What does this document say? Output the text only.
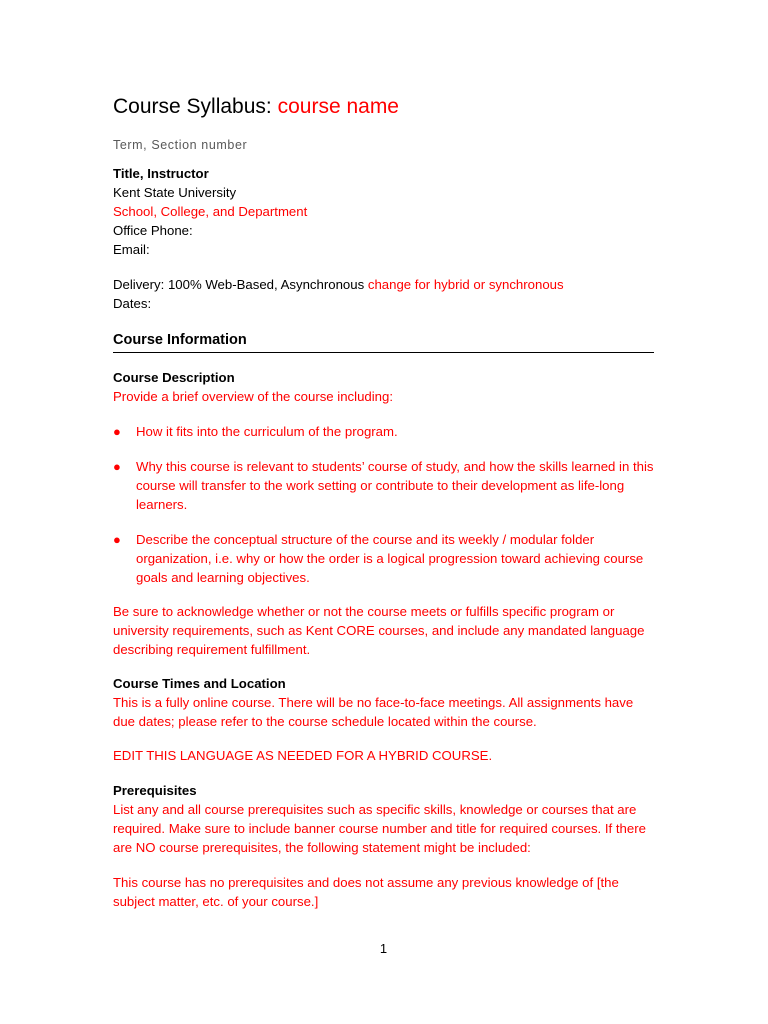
Course Syllabus: course name
Term, Section number
Title, Instructor
Kent State University
School, College, and Department
Office Phone:
Email:
Delivery: 100% Web-Based, Asynchronous change for hybrid or synchronous
Dates:
Course Information
Course Description
Provide a brief overview of the course including:
● How it fits into the curriculum of the program.
● Why this course is relevant to students’ course of study, and how the skills learned in this course will transfer to the work setting or contribute to their development as life-long learners.
● Describe the conceptual structure of the course and its weekly / modular folder organization, i.e. why or how the order is a logical progression toward achieving course goals and learning objectives.
Be sure to acknowledge whether or not the course meets or fulfills specific program or university requirements, such as Kent CORE courses, and include any mandated language describing requirement fulfillment.
Course Times and Location
This is a fully online course. There will be no face-to-face meetings. All assignments have due dates; please refer to the course schedule located within the course.
EDIT THIS LANGUAGE AS NEEDED FOR A HYBRID COURSE.
Prerequisites
List any and all course prerequisites such as specific skills, knowledge or courses that are required. Make sure to include banner course number and title for required courses. If there are NO course prerequisites, the following statement might be included:
This course has no prerequisites and does not assume any previous knowledge of [the subject matter, etc. of your course.]
1
